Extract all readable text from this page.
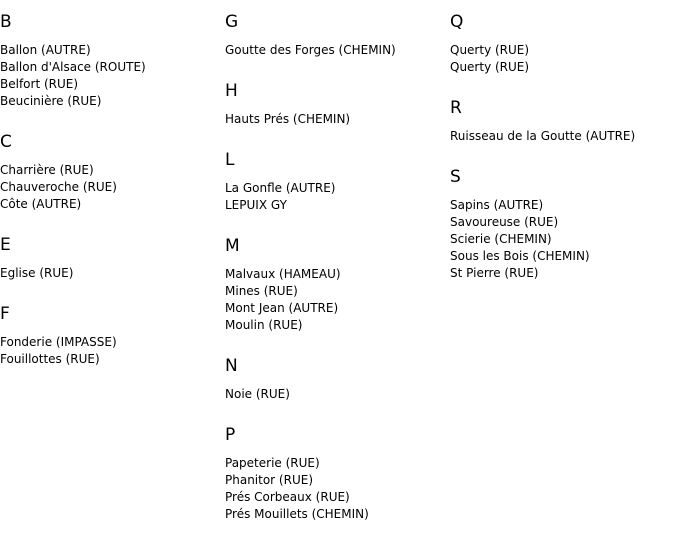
B
Ballon (AUTRE)
Ballon d'Alsace (ROUTE)
Belfort (RUE)
Beucinière (RUE)
C
Charrière (RUE)
Chauveroche (RUE)
Côte (AUTRE)
E
Eglise (RUE)
F
Fonderie (IMPASSE)
Fouillottes (RUE)
G
Goutte des Forges (CHEMIN)
H
Hauts Prés (CHEMIN)
L
La Gonfle (AUTRE)
LEPUIX GY
M
Malvaux (HAMEAU)
Mines (RUE)
Mont Jean (AUTRE)
Moulin (RUE)
N
Noie (RUE)
P
Papeterie (RUE)
Phanitor (RUE)
Prés Corbeaux (RUE)
Prés Mouillets (CHEMIN)
Q
Querty (RUE)
Querty (RUE)
R
Ruisseau de la Goutte (AUTRE)
S
Sapins (AUTRE)
Savoureuse (RUE)
Scierie (CHEMIN)
Sous les Bois (CHEMIN)
St Pierre (RUE)
